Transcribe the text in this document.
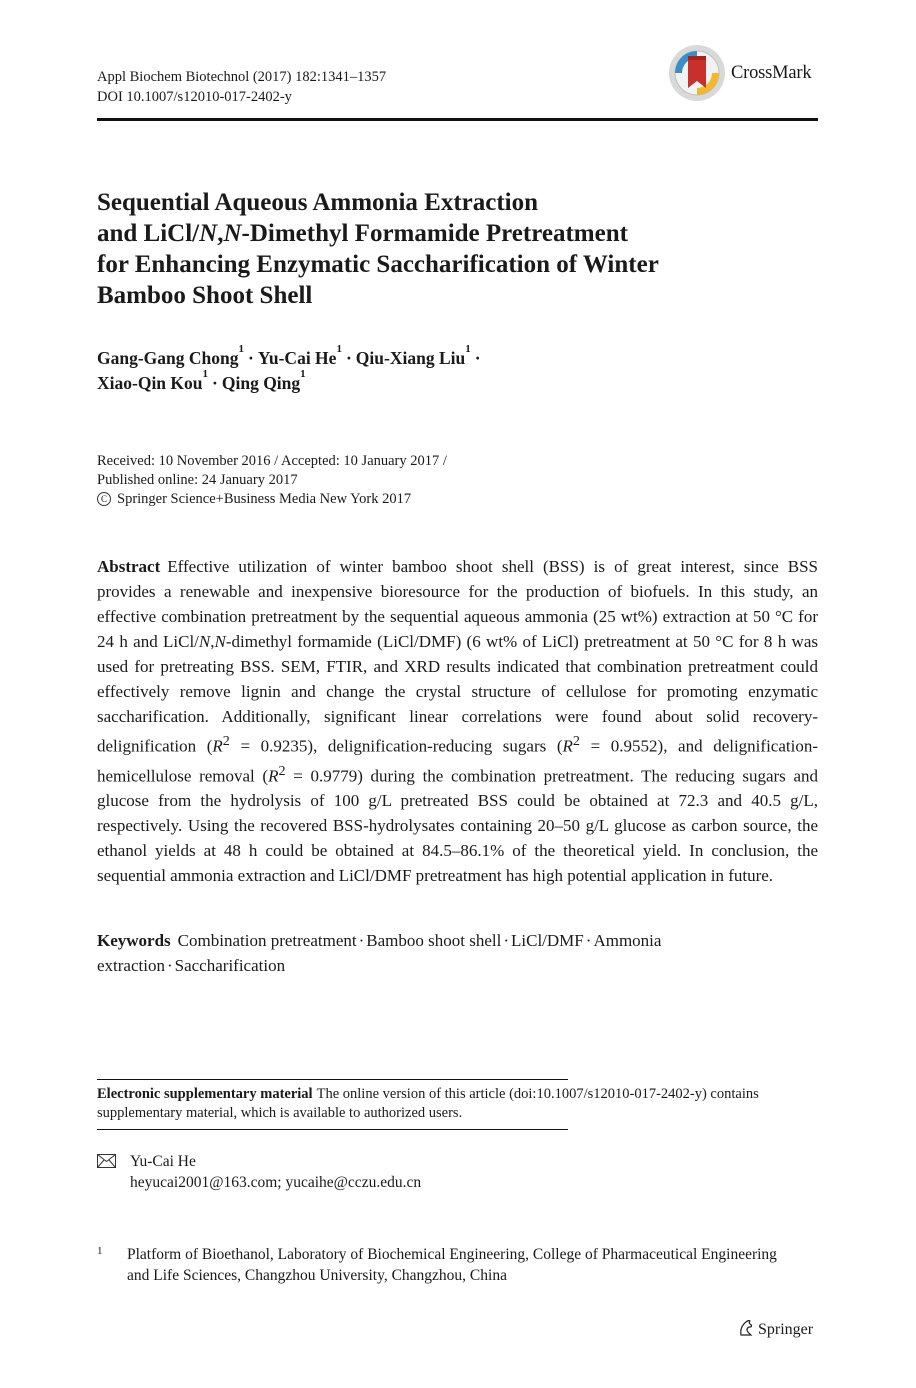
Appl Biochem Biotechnol (2017) 182:1341–1357
DOI 10.1007/s12010-017-2402-y
CrossMark
Sequential Aqueous Ammonia Extraction
and LiCl/N,N-Dimethyl Formamide Pretreatment
for Enhancing Enzymatic Saccharification of Winter
Bamboo Shoot Shell
Gang-Gang Chong$^1$ · Yu-Cai $He^1$ · Qiu-Xiang Liu$^1$ ·
Xiao-Qin Kou$^1$ · Qing Qing$^1$
Received: 10 November 2016 / Accepted: 10 January 2017 /
Published online: 24 January 2017
C Springer Science+Business Media New York 2017
Abstract Effective utilization of winter bamboo shoot shell (BSS) is of great interest, since BSS provides a renewable and inexpensive bioresource for the production of biofuels. In this study, an effective combination pretreatment by the sequential aqueous ammonia (25 wt%) extraction at 50 °C for 24 h and LiCl/N,N-dimethyl formamide (LiCl/DMF) (6 wt% of LiCl) pretreatment at 50 °C for 8 h was used for pretreating BSS. SEM, FTIR, and XRD results indicated that combination pretreatment could effectively remove lignin and change the crystal structure of cellulose for promoting enzymatic saccharification. Additionally, significant linear correlations were found about solid recovery-delignification $(R^2 = 0.9235)$, delignification-reducing sugars $(R^2 = 0.9552)$, and delignification-hemicellulose removal $(R^2 = 0.9779)$ during the combination pretreatment. The reducing sugars and glucose from the hydrolysis of 100 g/L pretreated BSS could be obtained at 72.3 and 40.5 g/L, respectively. Using the recovered BSS-hydrolysates containing 20–50 g/L glucose as carbon source, the ethanol yields at 48 h could be obtained at 84.5–86.1% of the theoretical yield. In conclusion, the sequential ammonia extraction and LiCl/DMF pretreatment has high potential application in future.
Keywords Combination pretreatment · Bamboo shoot shell · LiCl/DMF · Ammonia extraction · Saccharification
Electronic supplementary material The online version of this article (doi:10.1007/s12010-017-2402-y) contains supplementary material, which is available to authorized users.
Yu-Cai He
heyucai2001@163.com; yucaihe@cczu.edu.cn
1 Platform of Bioethanol, Laboratory of Biochemical Engineering, College of Pharmaceutical Engineering and Life Sciences, Changzhou University, Changzhou, China
Springer
